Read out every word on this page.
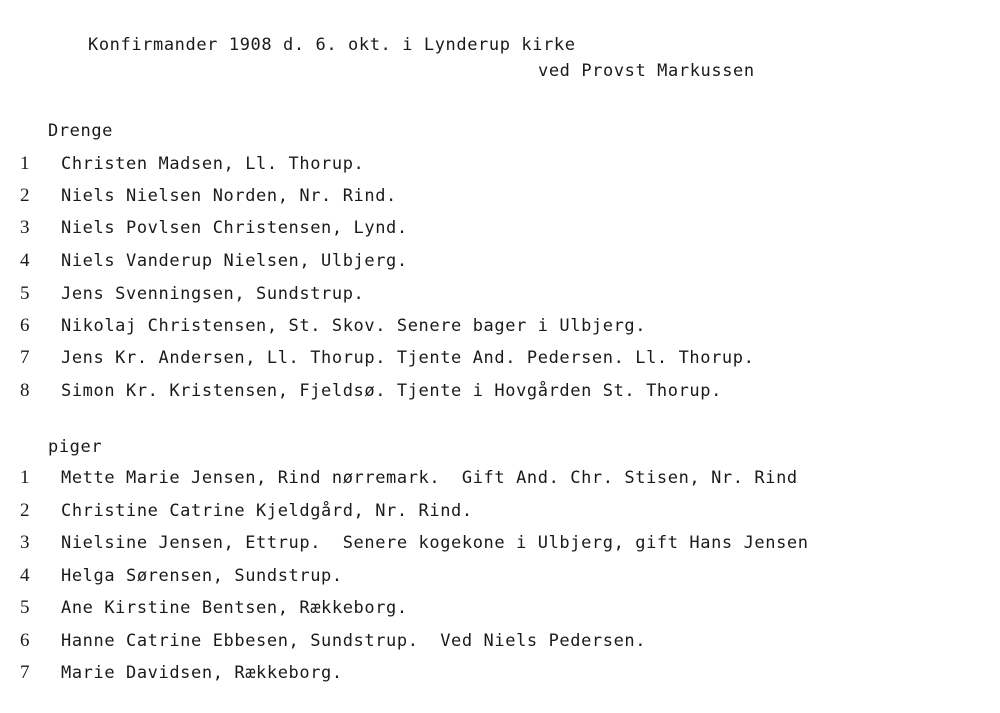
Konfirmander 1908 d. 6. okt. i Lynderup kirke
ved Provst Markussen
Drenge
1	Christen Madsen, Ll. Thorup.
2	Niels Nielsen Norden, Nr. Rind.
3	Niels Povlsen Christensen, Lynd.
4	Niels Vanderup Nielsen, Ulbjerg.
5	Jens Svenningsen, Sundstrup.
6	Nikolaj Christensen, St. Skov. Senere bager i Ulbjerg.
7	Jens Kr. Andersen, Ll. Thorup. Tjente And. Pedersen. Ll. Thorup.
8	Simon Kr. Kristensen, Fjeldsø. Tjente i Hovgården St. Thorup.
piger
1	Mette Marie Jensen, Rind nørremark.  Gift And. Chr. Stisen, Nr. Rind
2	Christine Catrine Kjeldgård, Nr. Rind.
3	Nielsine Jensen, Ettrup.  Senere kogekone i Ulbjerg, gift Hans Jensen
4	Helga Sørensen, Sundstrup.
5	Ane Kirstine Bentsen, Rækkeborg.
6	Hanne Catrine Ebbesen, Sundstrup.  Ved Niels Pedersen.
7	Marie Davidsen, Rækkeborg.
